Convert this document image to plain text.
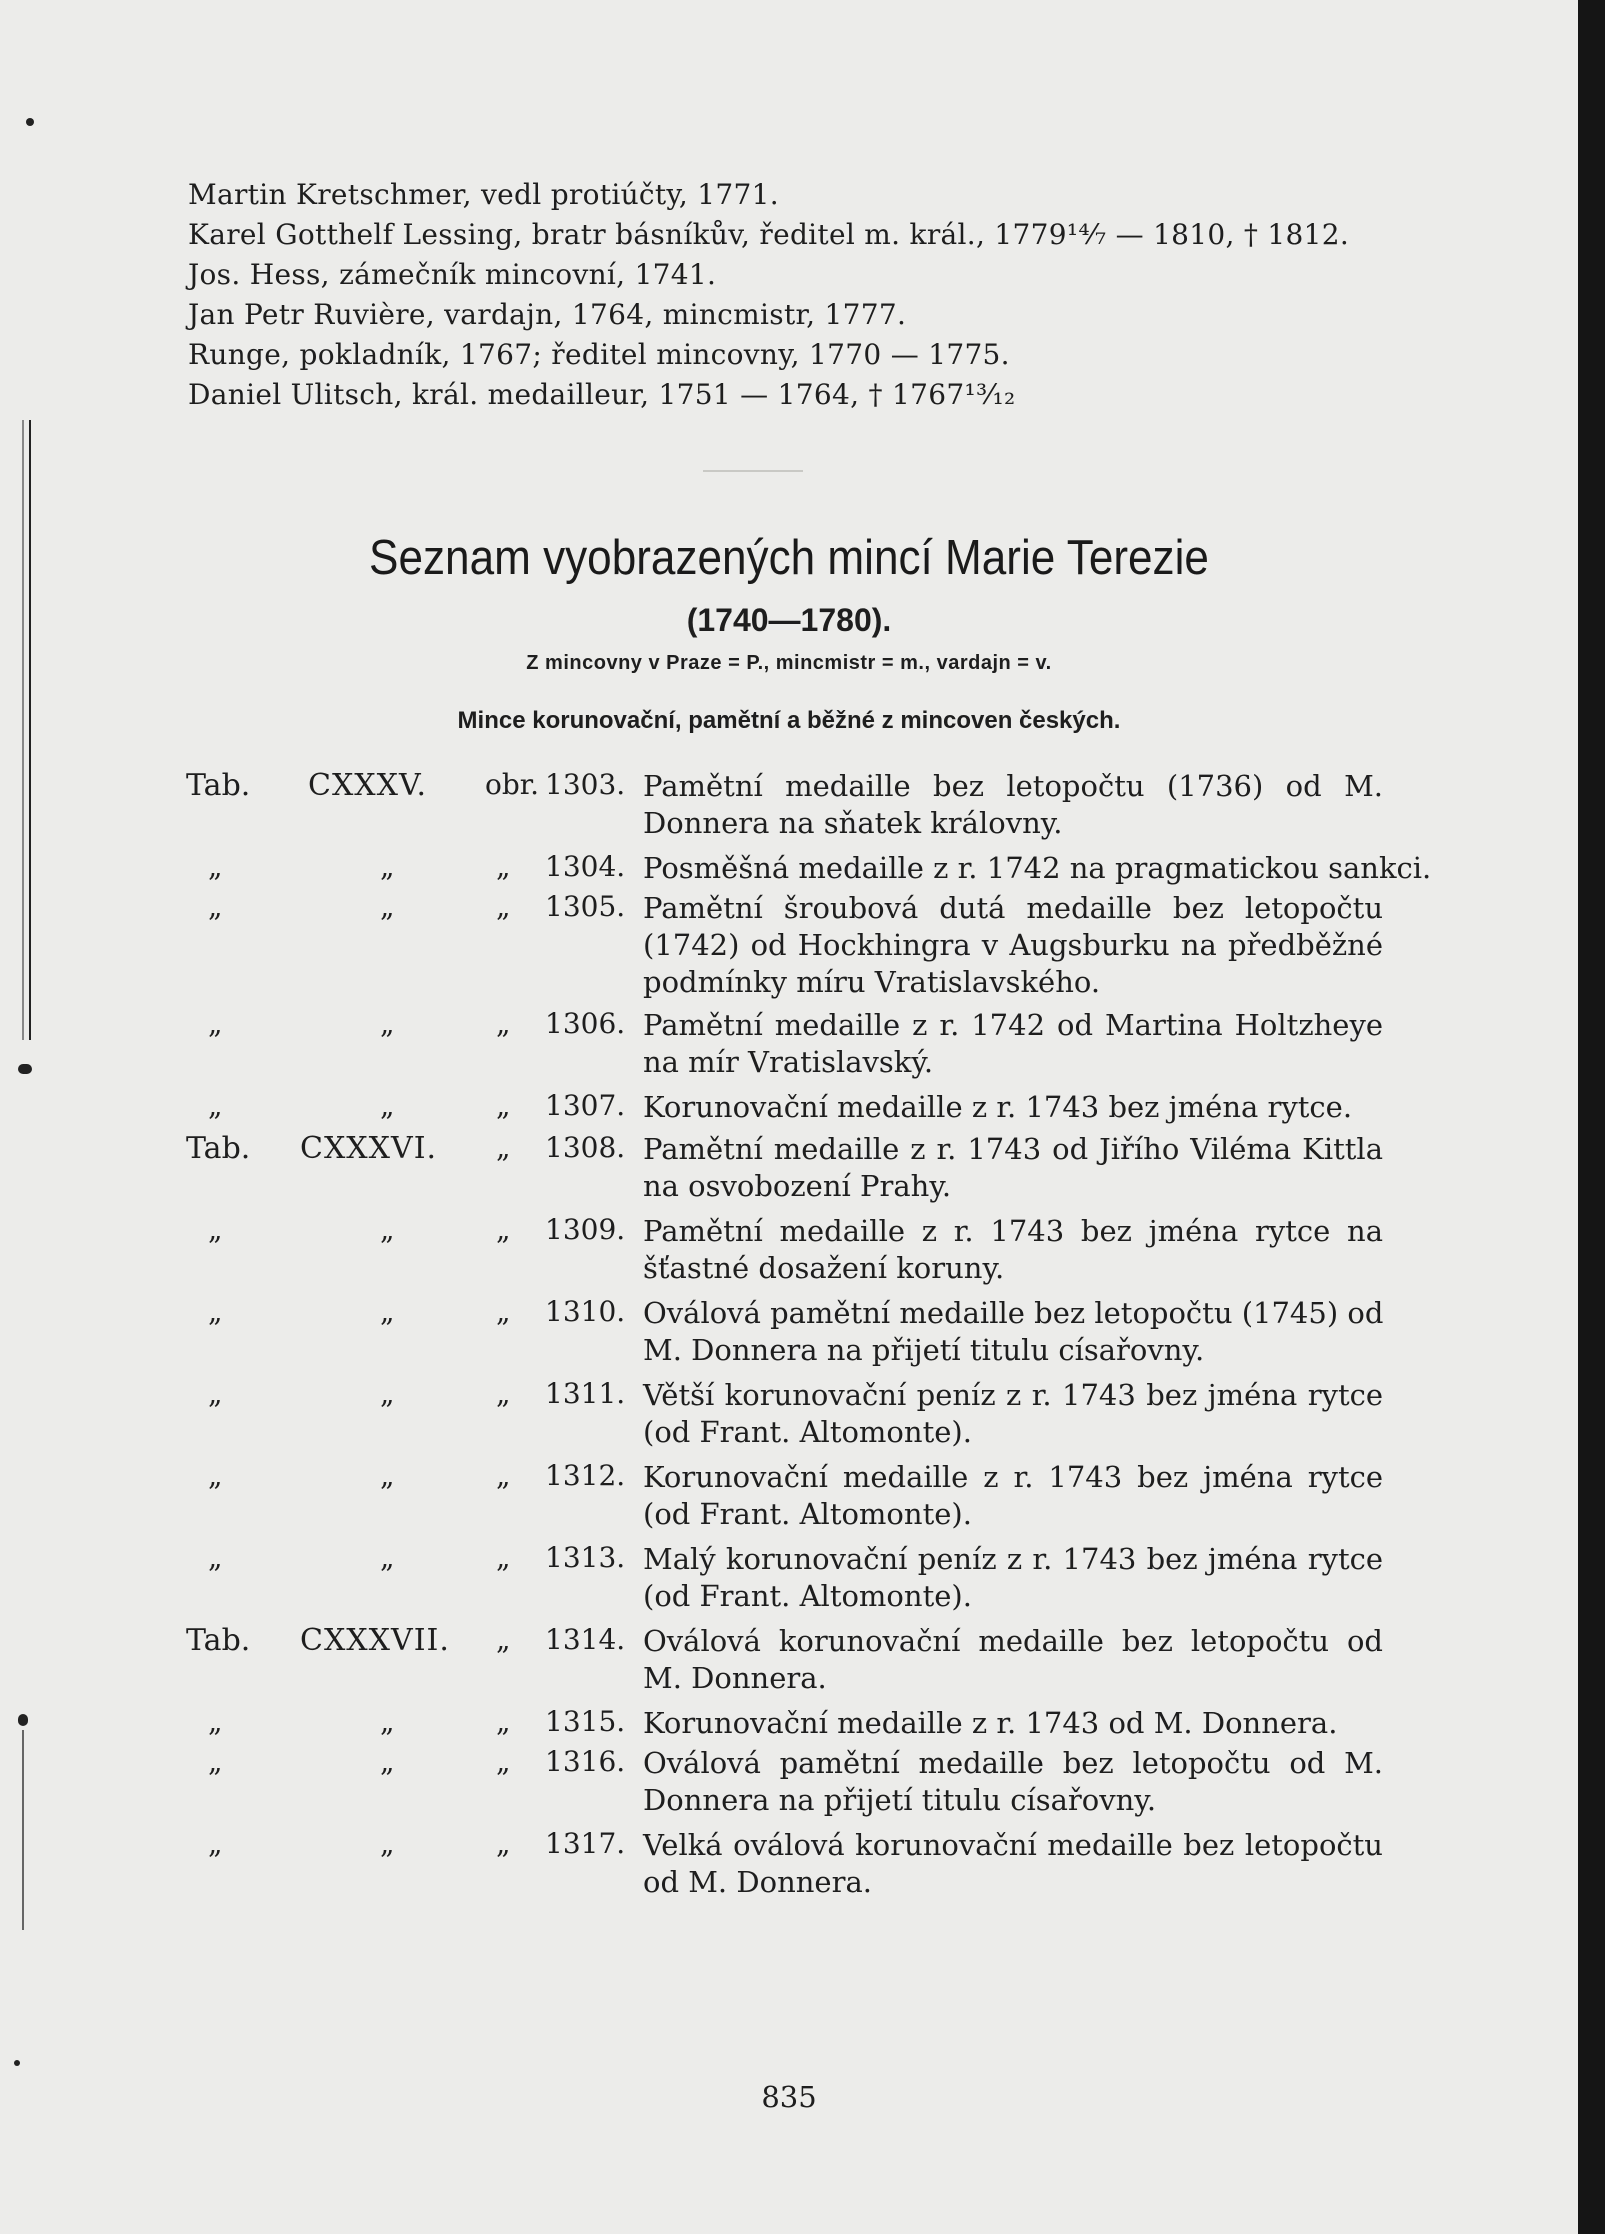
Martin Kretschmer, vedl protiúčty, 1771.
Karel Gotthelf Lessing, bratr básníkův, ředitel m. král., 1779¹⁴⁄₇ — 1810, † 1812.
Jos. Hess, zámečník mincovní, 1741.
Jan Petr Ruvière, vardajn, 1764, mincmistr, 1777.
Runge, pokladník, 1767; ředitel mincovny, 1770 — 1775.
Daniel Ulitsch, král. medailleur, 1751 — 1764, † 1767¹³⁄₁₂
Seznam vyobrazených mincí Marie Terezie
(1740—1780).
Z mincovny v Praze = P., mincmistr = m., vardajn = v.
Mince korunovační, pamětní a běžné z mincoven českých.
Tab. CXXXV. obr. 1303. Pamětní medaille bez letopočtu (1736) od M.
Donnera na sňatek královny.
„	„	„ 1304. Posměšná medaille z r. 1742 na pragmatickou sankci.
„	„	„ 1305. Pamětní šroubová dutá medaille bez letopočtu
(1742) od Hockhingra v Augsburku na předběžné
podmínky míru Vratislavského.
„	„	„ 1306. Pamětní medaille z r. 1742 od Martina Holtzheye
na mír Vratislavský.
„	„	„ 1307. Korunovační medaille z r. 1743 bez jména rytce.
Tab. CXXXVI. „ 1308. Pamětní medaille z r. 1743 od Jiřího Viléma Kittla
na osvobození Prahy.
„	„	„ 1309. Pamětní medaille z r. 1743 bez jména rytce na
šťastné dosažení koruny.
„	„	„ 1310. Oválová pamětní medaille bez letopočtu (1745) od
M. Donnera na přijetí titulu císařovny.
„	„	„ 1311. Větší korunovační peníz z r. 1743 bez jména rytce
(od Frant. Altomonte).
„	„	„ 1312. Korunovační medaille z r. 1743 bez jména rytce
(od Frant. Altomonte).
„	„	„ 1313. Malý korunovační peníz z r. 1743 bez jména rytce
(od Frant. Altomonte).
Tab. CXXXVII. „ 1314. Oválová korunovační medaille bez letopočtu od
M. Donnera.
„	„	„ 1315. Korunovační medaille z r. 1743 od M. Donnera.
„	„	„ 1316. Oválová pamětní medaille bez letopočtu od M.
Donnera na přijetí titulu císařovny.
„	„	„ 1317. Velká oválová korunovační medaille bez letopočtu
od M. Donnera.
835
